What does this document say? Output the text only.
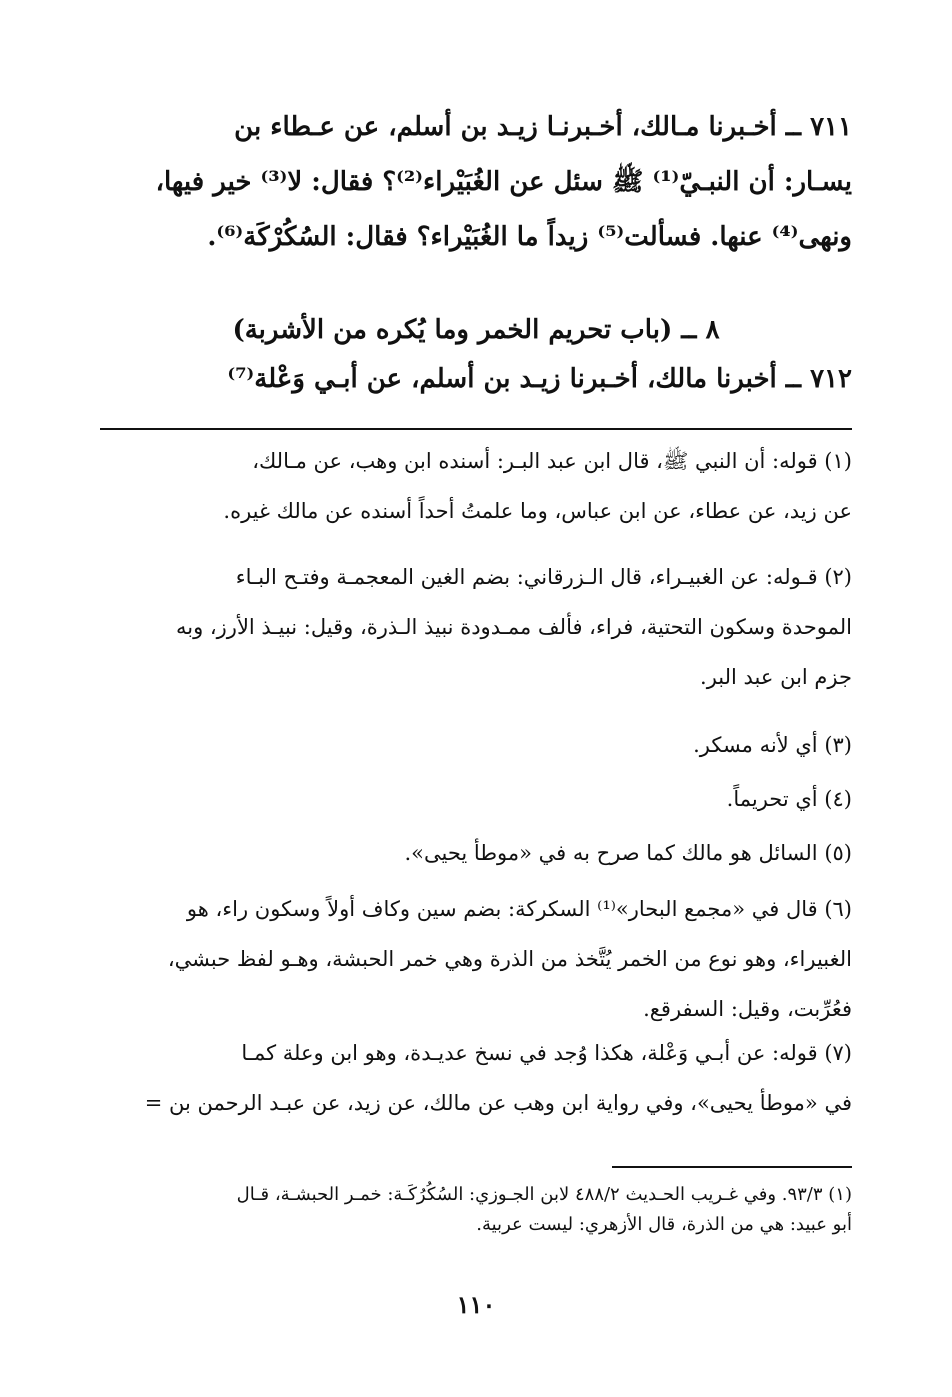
٧١١ ــ أخـبرنا مـالك، أخـبرنـا زيـد بن أسلم، عن عـطاء بن
يسـار: أن النبـيّ⁽¹⁾ ﷺ سئل عن الغُبَيْراء⁽²⁾؟ فقال: لا⁽³⁾ خير فيها،
ونهى⁽⁴⁾ عنها. فسألت⁽⁵⁾ زيداً ما الغُبَيْراء؟ فقال: السُكُرْكَة⁽⁶⁾.
٨ ــ (باب تحريم الخمر وما يُكره من الأشربة)
٧١٢ ــ أخبرنا مالك، أخـبرنا زيـد بن أسلم، عن أبـي وَعْلة⁽⁷⁾
(١) قوله: أن النبي ﷺ، قال ابن عبد البـر: أسنده ابن وهب، عن مـالك،
عن زيد، عن عطاء، عن ابن عباس، وما علمتُ أحداً أسنده عن مالك غيره.
(٢) قـوله: عن الغبيـراء، قال الـزرقاني: بضم الغين المعجمـة وفتـح البـاء
الموحدة وسكون التحتية، فراء، فألف ممـدودة نبيذ الـذرة، وقيل: نبيـذ الأرز، وبه
جزم ابن عبد البر.
(٣) أي لأنه مسكر.
(٤) أي تحريماً.
(٥) السائل هو مالك كما صرح به في «موطأ يحيى».
(٦) قال في «مجمع البحار»⁽¹⁾ السكركة: بضم سين وكاف أولاً وسكون راء، هو
الغبيراء، وهو نوع من الخمر يُتَّخذ من الذرة وهي خمر الحبشة، وهـو لفظ حبشي،
فعُرِّبت، وقيل: السفرقع.
(٧) قوله: عن أبـي وَعْلة، هكذا وُجد في نسخ عديـدة، وهو ابن وعلة كمـا
في «موطأ يحيى»، وفي رواية ابن وهب عن مالك، عن زيد، عن عبـد الرحمن بن =
(١) ٩٣/٣. وفي غـريب الحـديث ٤٨٨/٢ لابن الجـوزي: السُكُرُكَـة: خمـر الحبشـة، قـال
أبو عبيد: هي من الذرة، قال الأزهري: ليست عربية.
١١٠
